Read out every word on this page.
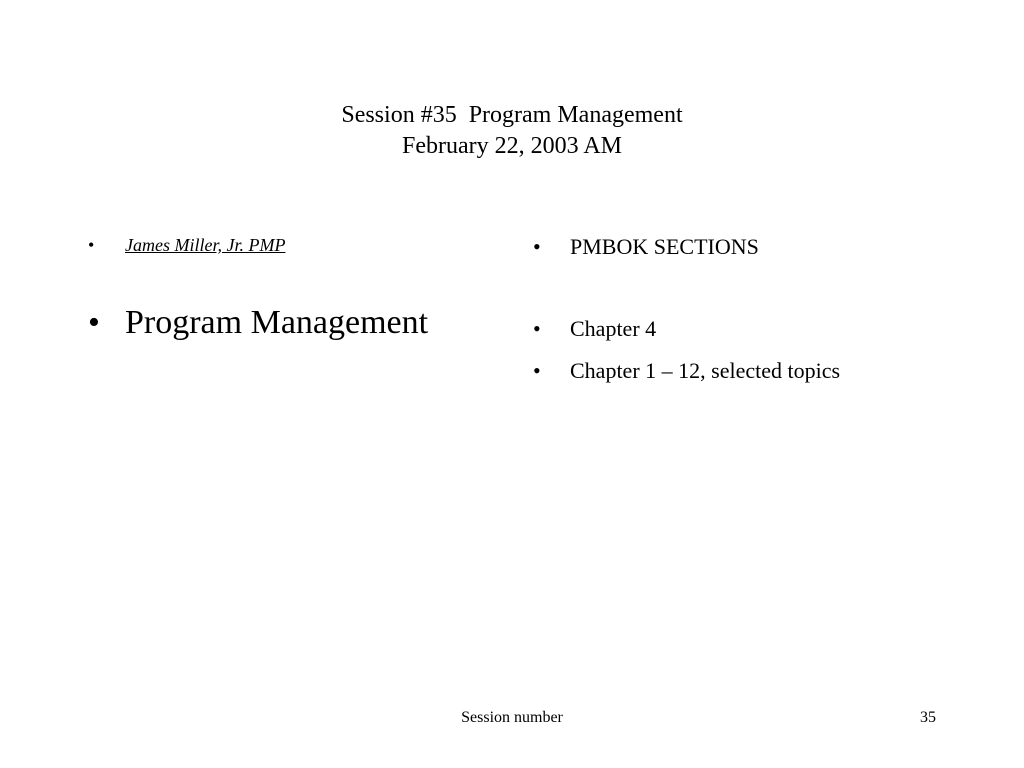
Session #35  Program Management
February 22, 2003 AM
• James Miller, Jr. PMP
• Program Management
• PMBOK SECTIONS
• Chapter 4
• Chapter 1 – 12, selected topics
Session number	35
